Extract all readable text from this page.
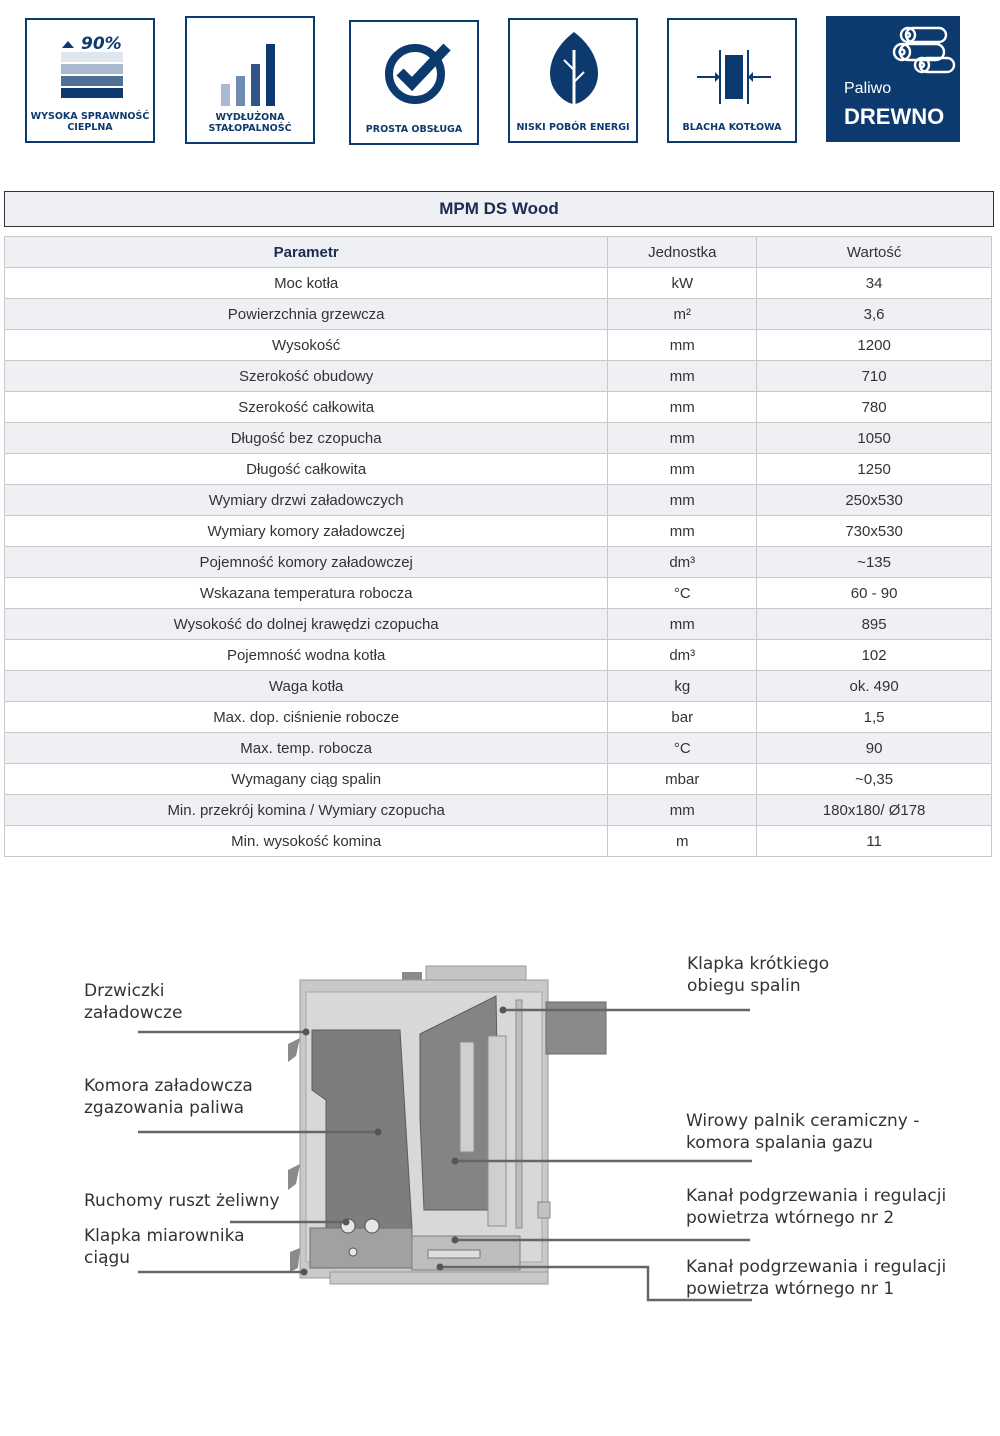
90%
WYSOKA SPRAWNOŚĆ CIEPLNA
WYDŁUŻONA STAŁOPALNOŚĆ	PROSTA OBSŁUGA	NISKI POBÓR ENERGI	BLACHA KOTŁOWA
Paliwo
DREWNO
MPM DS Wood
Parametr	Jednostka	Wartość
Moc kotła	kW	34
Powierzchnia grzewcza	m²	3,6
Wysokość	mm	1200
Szerokość obudowy	mm	710
Szerokość całkowita	mm	780
Długość bez czopucha	mm	1050
Długość całkowita	mm	1250
Wymiary drzwi załadowczych	mm	250x530
Wymiary komory załadowczej	mm	730x530
Pojemność komory załadowczej	dm³	~135
Wskazana temperatura robocza	°C	60 - 90
Wysokość do dolnej krawędzi czopucha	mm	895
Pojemność wodna kotła	dm³	102
Waga kotła	kg	ok. 490
Max. dop. ciśnienie robocze	bar	1,5
Max. temp. robocza	°C	90
Wymagany ciąg spalin	mbar	~0,35
Min. przekrój komina / Wymiary czopucha	mm	180x180/ Ø178
Min. wysokość komina	m	11
Drzwiczki
załadowcze
Komora załadowcza
zgazowania paliwa
Ruchomy ruszt żeliwny
Klapka miarownika
ciągu
Klapka krótkiego
obiegu spalin
Wirowy palnik ceramiczny -
komora spalania gazu
Kanał podgrzewania i regulacji
powietrza wtórnego nr 2
Kanał podgrzewania i regulacji
powietrza wtórnego nr 1
